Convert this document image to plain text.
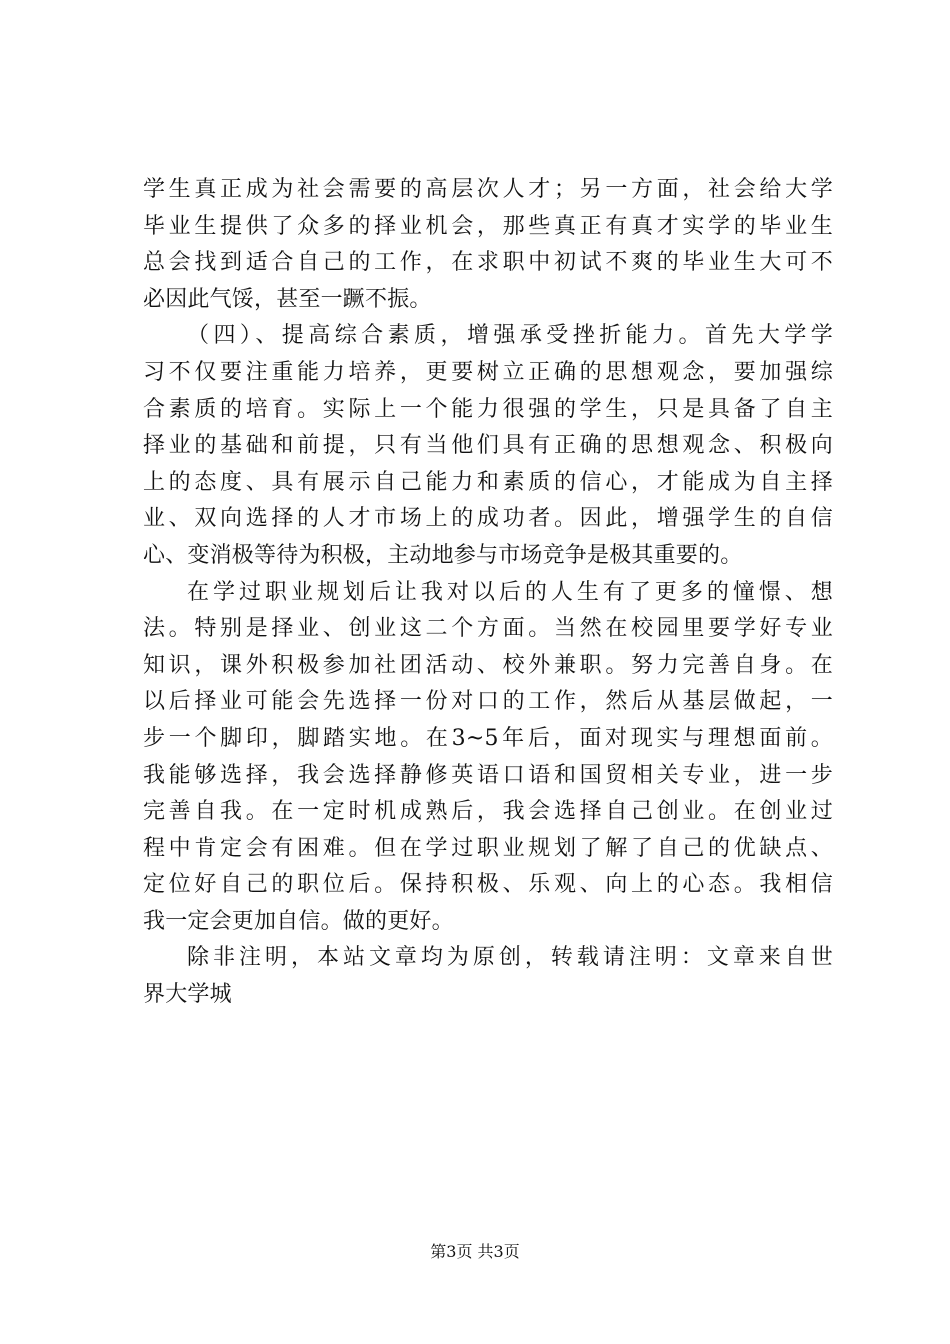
学生真正成为社会需要的高层次人才；另一方面，社会给大学
毕业生提供了众多的择业机会，那些真正有真才实学的毕业生
总会找到适合自己的工作，在求职中初试不爽的毕业生大可不
必因此气馁，甚至一蹶不振。
（四）、提高综合素质，增强承受挫折能力。首先大学学
习不仅要注重能力培养，更要树立正确的思想观念，要加强综
合素质的培育。实际上一个能力很强的学生，只是具备了自主
择业的基础和前提，只有当他们具有正确的思想观念、积极向
上的态度、具有展示自己能力和素质的信心，才能成为自主择
业、双向选择的人才市场上的成功者。因此，增强学生的自信
心、变消极等待为积极，主动地参与市场竞争是极其重要的。
在学过职业规划后让我对以后的人生有了更多的憧憬、想
法。特别是择业、创业这二个方面。当然在校园里要学好专业
知识，课外积极参加社团活动、校外兼职。努力完善自身。在
以后择业可能会先选择一份对口的工作，然后从基层做起，一
步一个脚印，脚踏实地。在3~5年后，面对现实与理想面前。
我能够选择，我会选择静修英语口语和国贸相关专业，进一步
完善自我。在一定时机成熟后，我会选择自己创业。在创业过
程中肯定会有困难。但在学过职业规划了解了自己的优缺点、
定位好自己的职位后。保持积极、乐观、向上的心态。我相信
我一定会更加自信。做的更好。
除非注明，本站文章均为原创，转载请注明：文章来自世
界大学城
第3页 共3页
